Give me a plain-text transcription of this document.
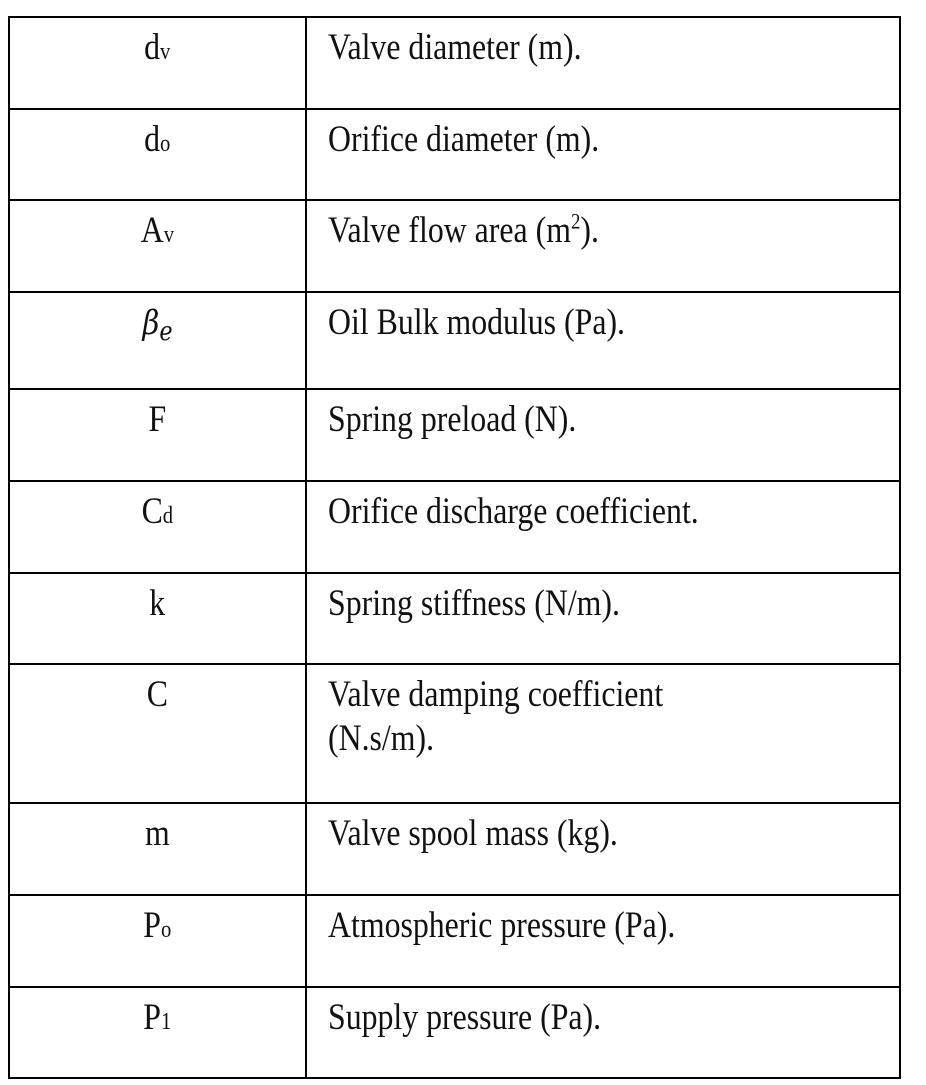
dv	Valve diameter (m).
do	Orifice diameter (m).
Av	Valve flow area $(m^2)$.
$\beta_e$	Oil Bulk modulus (Pa).
F	Spring preload (N).
Cd	Orifice discharge coefficient.
k	Spring stiffness (N/m).
C	Valve damping coefficient
(N.s/m).
m	Valve spool mass (kg).
Po	Atmospheric pressure (Pa).
P1	Supply pressure (Pa).
